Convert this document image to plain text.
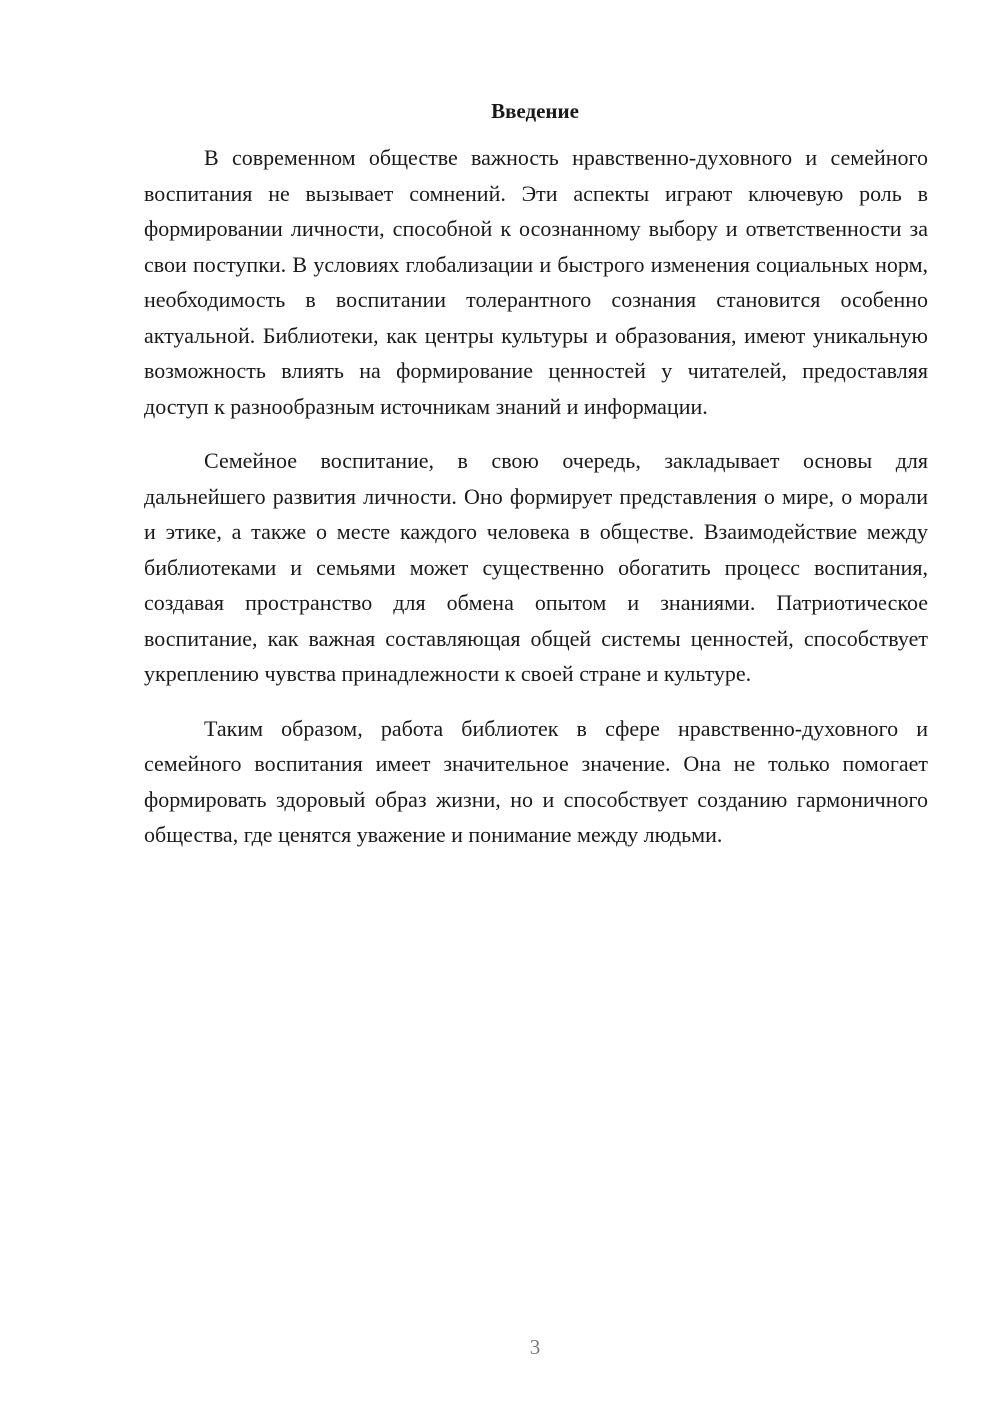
Введение

В современном обществе важность нравственно-духовного и семейного воспитания не вызывает сомнений. Эти аспекты играют ключевую роль в формировании личности, способной к осознанному выбору и ответственности за свои поступки. В условиях глобализации и быстрого изменения социальных норм, необходимость в воспитании толерантного сознания становится особенно актуальной. Библиотеки, как центры культуры и образования, имеют уникальную возможность влиять на формирование ценностей у читателей, предоставляя доступ к разнообразным источникам знаний и информации.

Семейное воспитание, в свою очередь, закладывает основы для дальнейшего развития личности. Оно формирует представления о мире, о морали и этике, а также о месте каждого человека в обществе. Взаимодействие между библиотеками и семьями может существенно обогатить процесс воспитания, создавая пространство для обмена опытом и знаниями. Патриотическое воспитание, как важная составляющая общей системы ценностей, способствует укреплению чувства принадлежности к своей стране и культуре.

Таким образом, работа библиотек в сфере нравственно-духовного и семейного воспитания имеет значительное значение. Она не только помогает формировать здоровый образ жизни, но и способствует созданию гармоничного общества, где ценятся уважение и понимание между людьми.

3
